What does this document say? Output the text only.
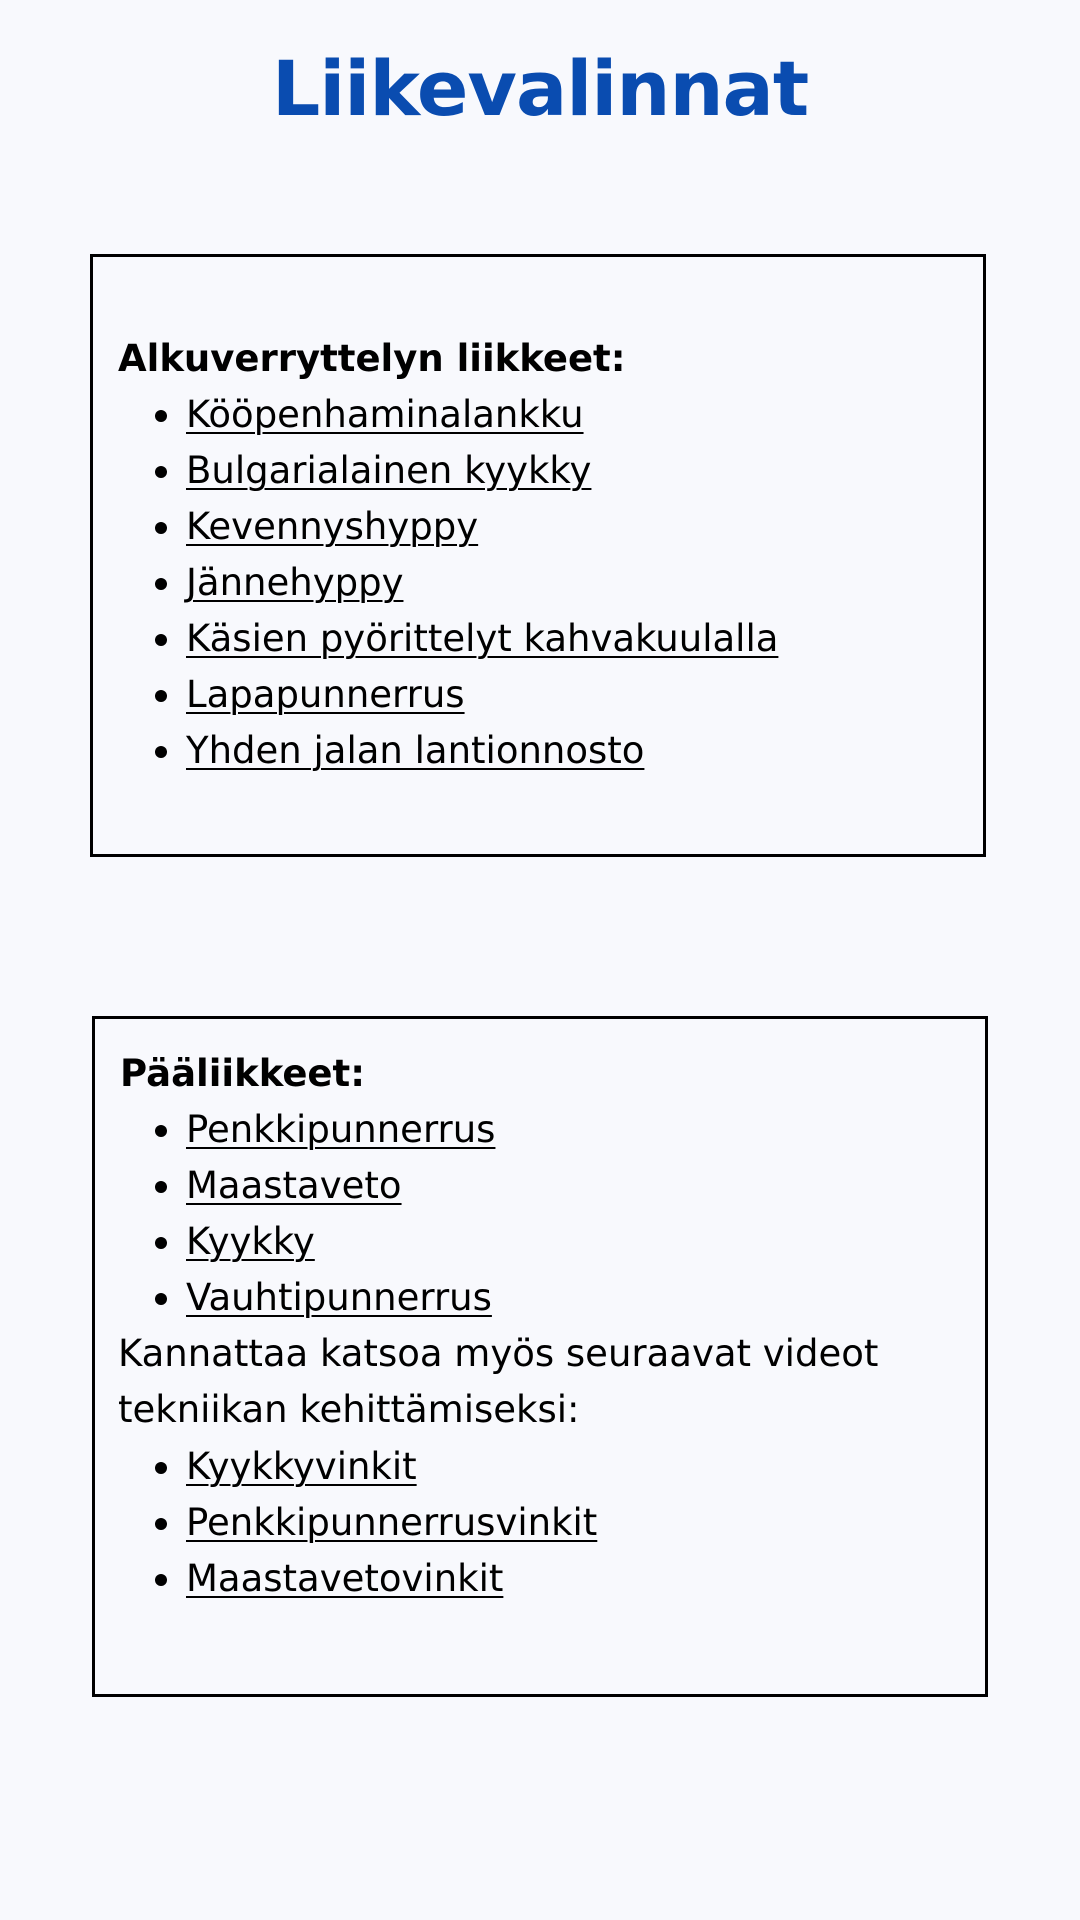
Liikevalinnat
Alkuverryttelyn liikkeet:
Kööpenhaminalankku
Bulgarialainen kyykky
Kevennyshyppy
Jännehyppy
Käsien pyörittelyt kahvakuulalla
Lapapunnerrus
Yhden jalan lantionnosto
Pääliikkeet:
Penkkipunnerrus
Maastaveto
Kyykky
Vauhtipunnerrus

Kannattaa katsoa myös seuraavat videot tekniikan kehittämiseksi:

Kyykkyvinkit
Penkkipunnerrusvinkit
Maastavetovinkit
